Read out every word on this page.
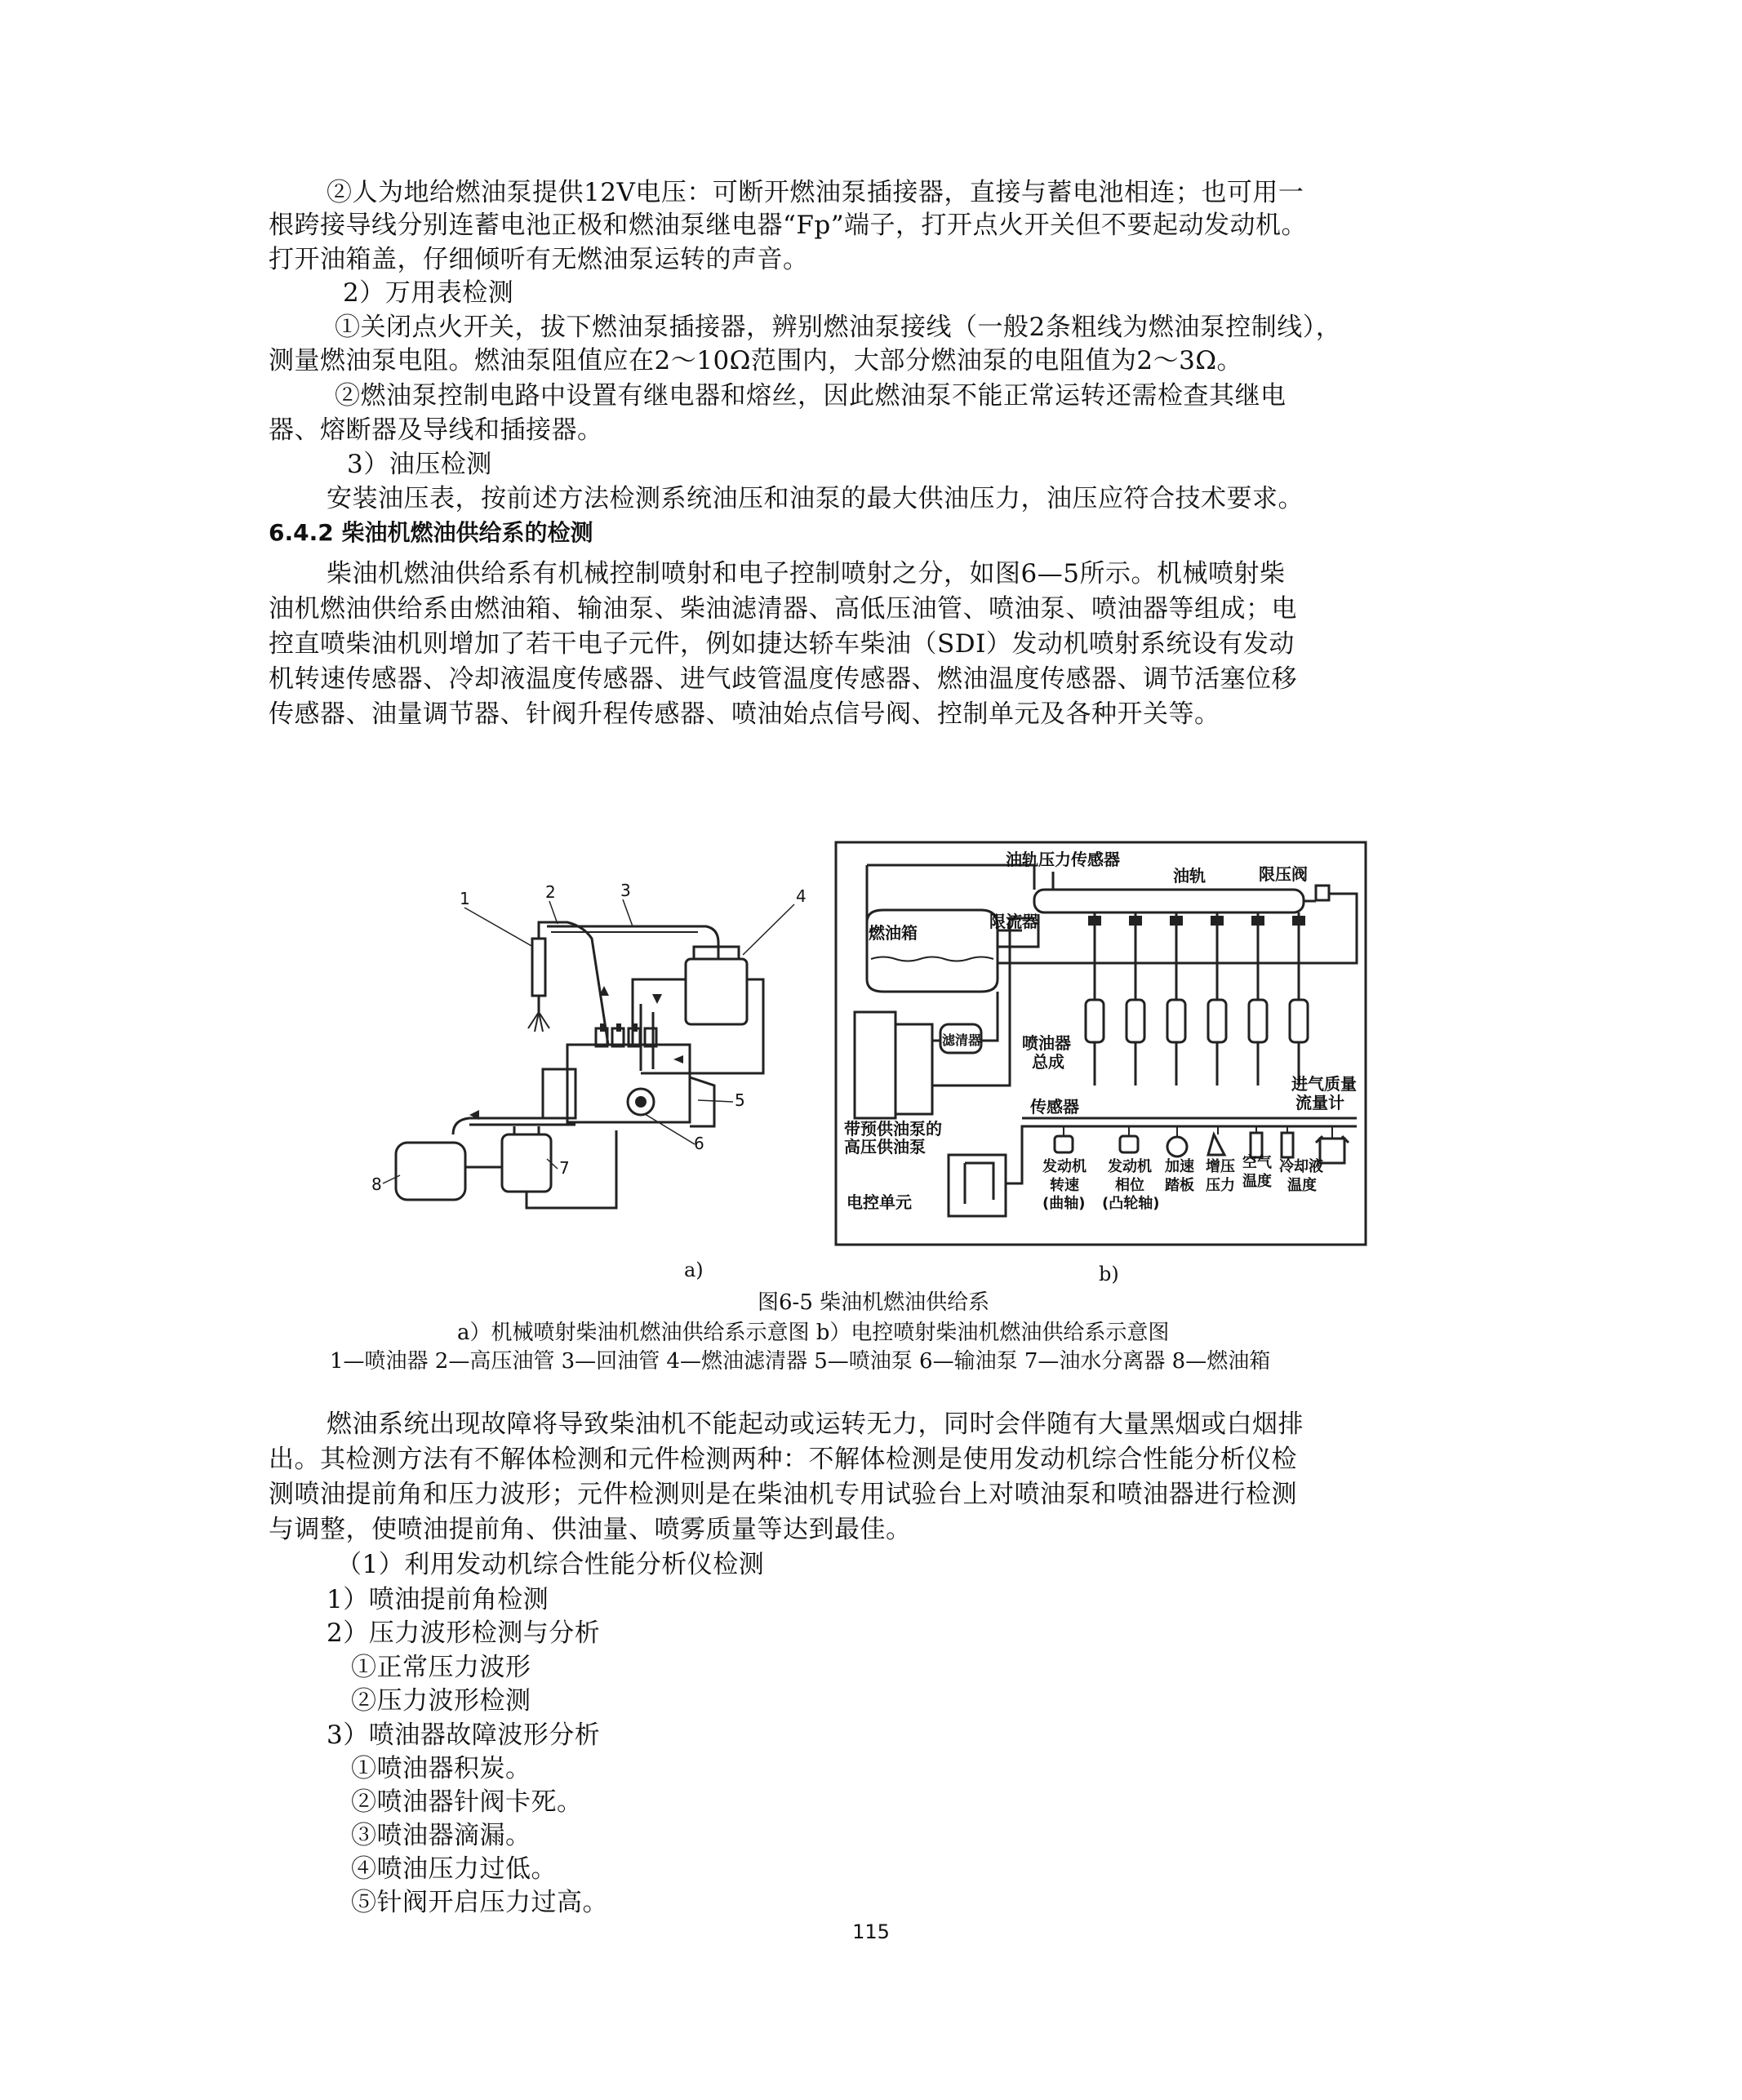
②人为地给燃油泵提供12V电压：可断开燃油泵插接器，直接与蓄电池相连；也可用一
根跨接导线分别连蓄电池正极和燃油泵继电器“Fp”端子，打开点火开关但不要起动发动机。
打开油箱盖，仔细倾听有无燃油泵运转的声音。
2）万用表检测
①关闭点火开关，拔下燃油泵插接器，辨别燃油泵接线（一般2条粗线为燃油泵控制线），
测量燃油泵电阻。燃油泵阻值应在2～10Ω范围内，大部分燃油泵的电阻值为2～3Ω。
②燃油泵控制电路中设置有继电器和熔丝，因此燃油泵不能正常运转还需检查其继电
器、熔断器及导线和插接器。
3）油压检测
安装油压表，按前述方法检测系统油压和油泵的最大供油压力，油压应符合技术要求。
6.4.2 柴油机燃油供给系的检测
柴油机燃油供给系有机械控制喷射和电子控制喷射之分，如图6—5所示。机械喷射柴
油机燃油供给系由燃油箱、输油泵、柴油滤清器、高低压油管、喷油泵、喷油器等组成；电
控直喷柴油机则增加了若干电子元件，例如捷达轿车柴油（SDI）发动机喷射系统设有发动
机转速传感器、冷却液温度传感器、进气歧管温度传感器、燃油温度传感器、调节活塞位移
传感器、油量调节器、针阀升程传感器、喷油始点信号阀、控制单元及各种开关等。
1	2	3	4
5
6
7
8
油轨压力传感器
油轨	限压阀
限流器
燃油箱
喷油器
总成
滤清器
带预供油泵的
高压供油泵
进气质量
流量计
传感器
电控单元
发动机
转速
(曲轴)
发动机
相位
(凸轮轴)
加速
踏板
增压
压力
空气
温度
冷却液
温度
a)	b)
图6-5 柴油机燃油供给系
a）机械喷射柴油机燃油供给系示意图 b）电控喷射柴油机燃油供给系示意图
1—喷油器 2—高压油管 3—回油管 4—燃油滤清器 5—喷油泵 6—输油泵 7—油水分离器 8—燃油箱
燃油系统出现故障将导致柴油机不能起动或运转无力，同时会伴随有大量黑烟或白烟排
出。其检测方法有不解体检测和元件检测两种：不解体检测是使用发动机综合性能分析仪检
测喷油提前角和压力波形；元件检测则是在柴油机专用试验台上对喷油泵和喷油器进行检测
与调整，使喷油提前角、供油量、喷雾质量等达到最佳。
（1）利用发动机综合性能分析仪检测
1）喷油提前角检测
2）压力波形检测与分析
①正常压力波形
②压力波形检测
3）喷油器故障波形分析
①喷油器积炭。
②喷油器针阀卡死。
③喷油器滴漏。
④喷油压力过低。
⑤针阀开启压力过高。
115
